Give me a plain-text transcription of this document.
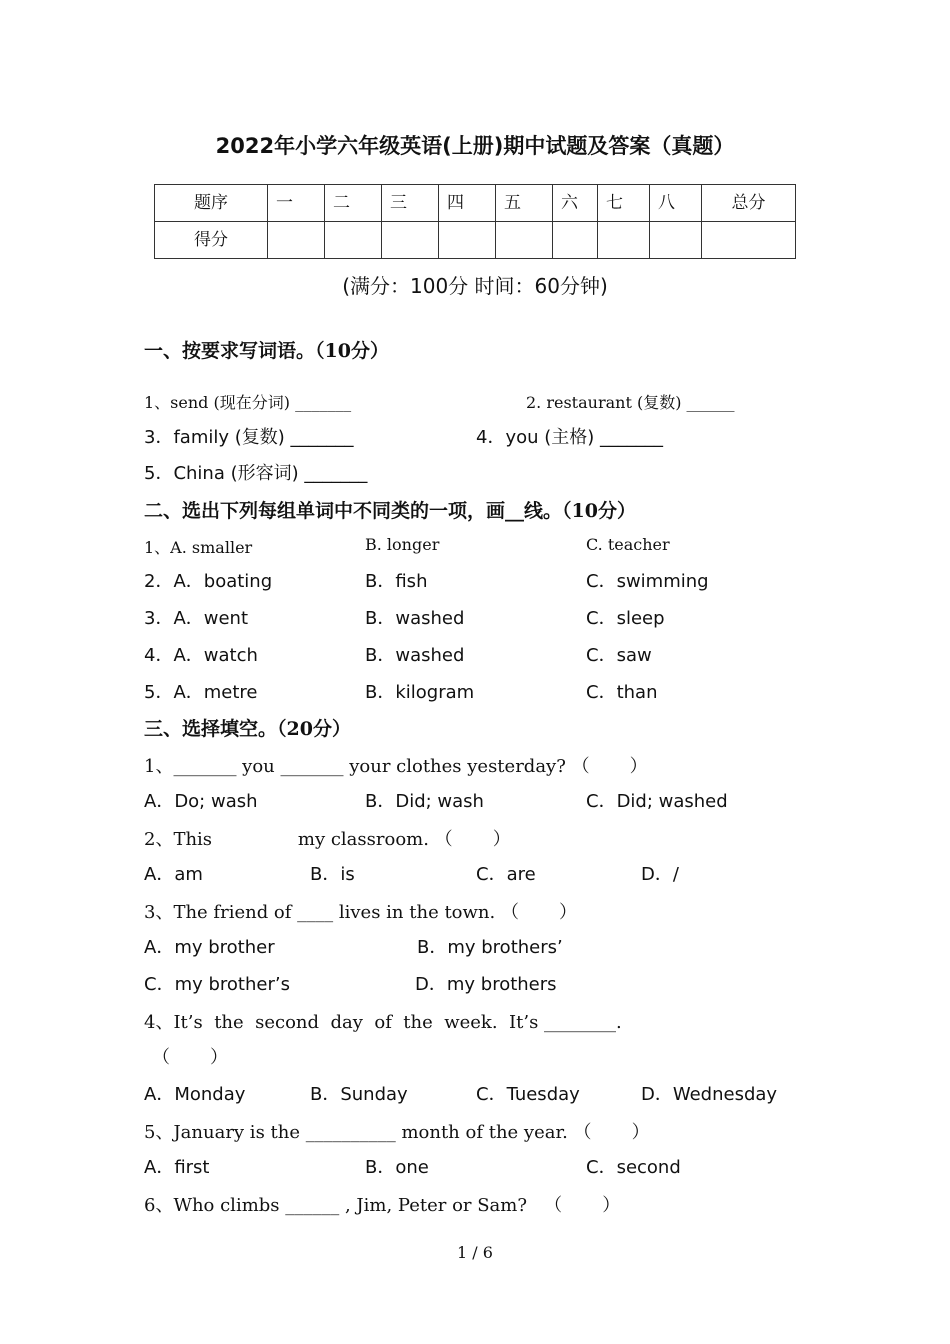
2022年小学六年级英语(上册)期中试题及答案（真题）
题序	一	二	三	四	五	六	七	八	总分

得分									

(满分：100分 时间：60分钟)
一、按要求写词语。（10分）
1、send (现在分词) _______	2. restaurant (复数) ______
3．family (复数) _______	4．you (主格) _______
5．China (形容词) _______
二、选出下列每组单词中不同类的一项，画__线。（10分）
1、A. smaller	B. longer	C. teacher
2．A．boating	B．fish	C．swimming
3．A．went	B．washed	C．sleep
4．A．watch	B．washed	C．saw
5．A．metre	B．kilogram	C．than
三、选择填空。（20分）
1、_______ you _______ your clothes yesterday? （       ）
A．Do; wash	B．Did; wash	C．Did; washed
2、This               my classroom. （       ）
A．am	B．is	C．are	D．/
3、The friend of ____ lives in the town. （       ）
A．my brother	B．my brothers’
C．my brother’s	D．my brothers
4、It’s  the  second  day  of  the  week.  It’s ________.
（       ）
A．Monday	B．Sunday	C．Tuesday	D．Wednesday
5、January is the __________ month of the year. （       ）
A．first	B．one	C．second
6、Who climbs ______ , Jim, Peter or Sam?   （       ）
1 / 6
